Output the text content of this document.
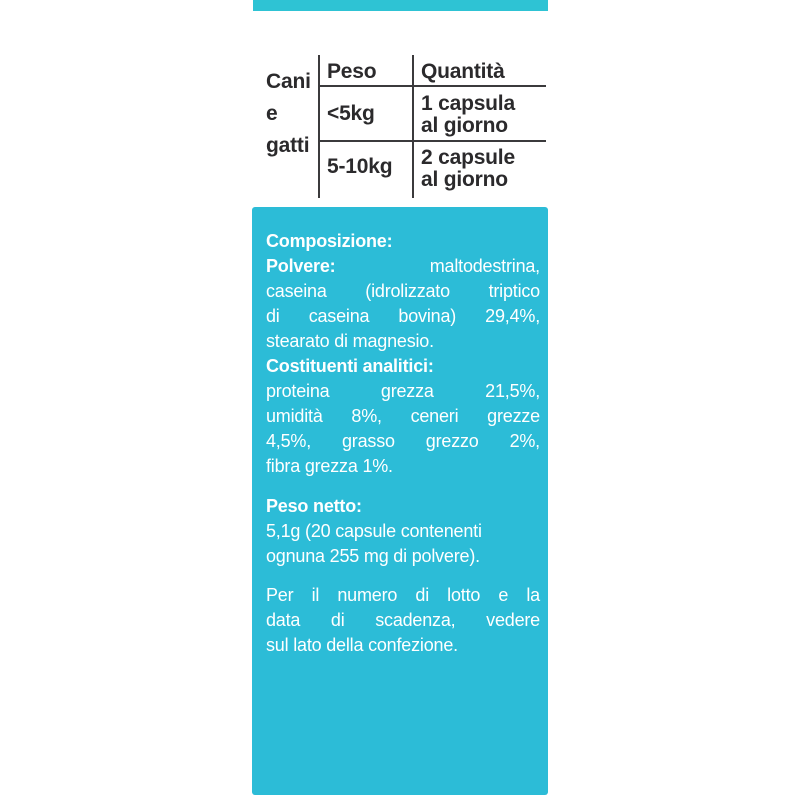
Cani
e
gatti
Peso Quantità
<5kg 1 capsula
al giorno
5-10kg 2 capsule
al giorno
Composizione:
Polvere:	maltodestrina,
caseina (idrolizzato triptico
di caseina bovina) 29,4%,
stearato di magnesio.
Costituenti analitici:
proteina grezza 21,5%,
umidità 8%, ceneri grezze
4,5%, grasso grezzo 2%,
fibra grezza 1%.
Peso netto:
5,1g (20 capsule contenenti
ognuna 255 mg di polvere).
Per il numero di lotto e la
data di scadenza, vedere
sul lato della confezione.
